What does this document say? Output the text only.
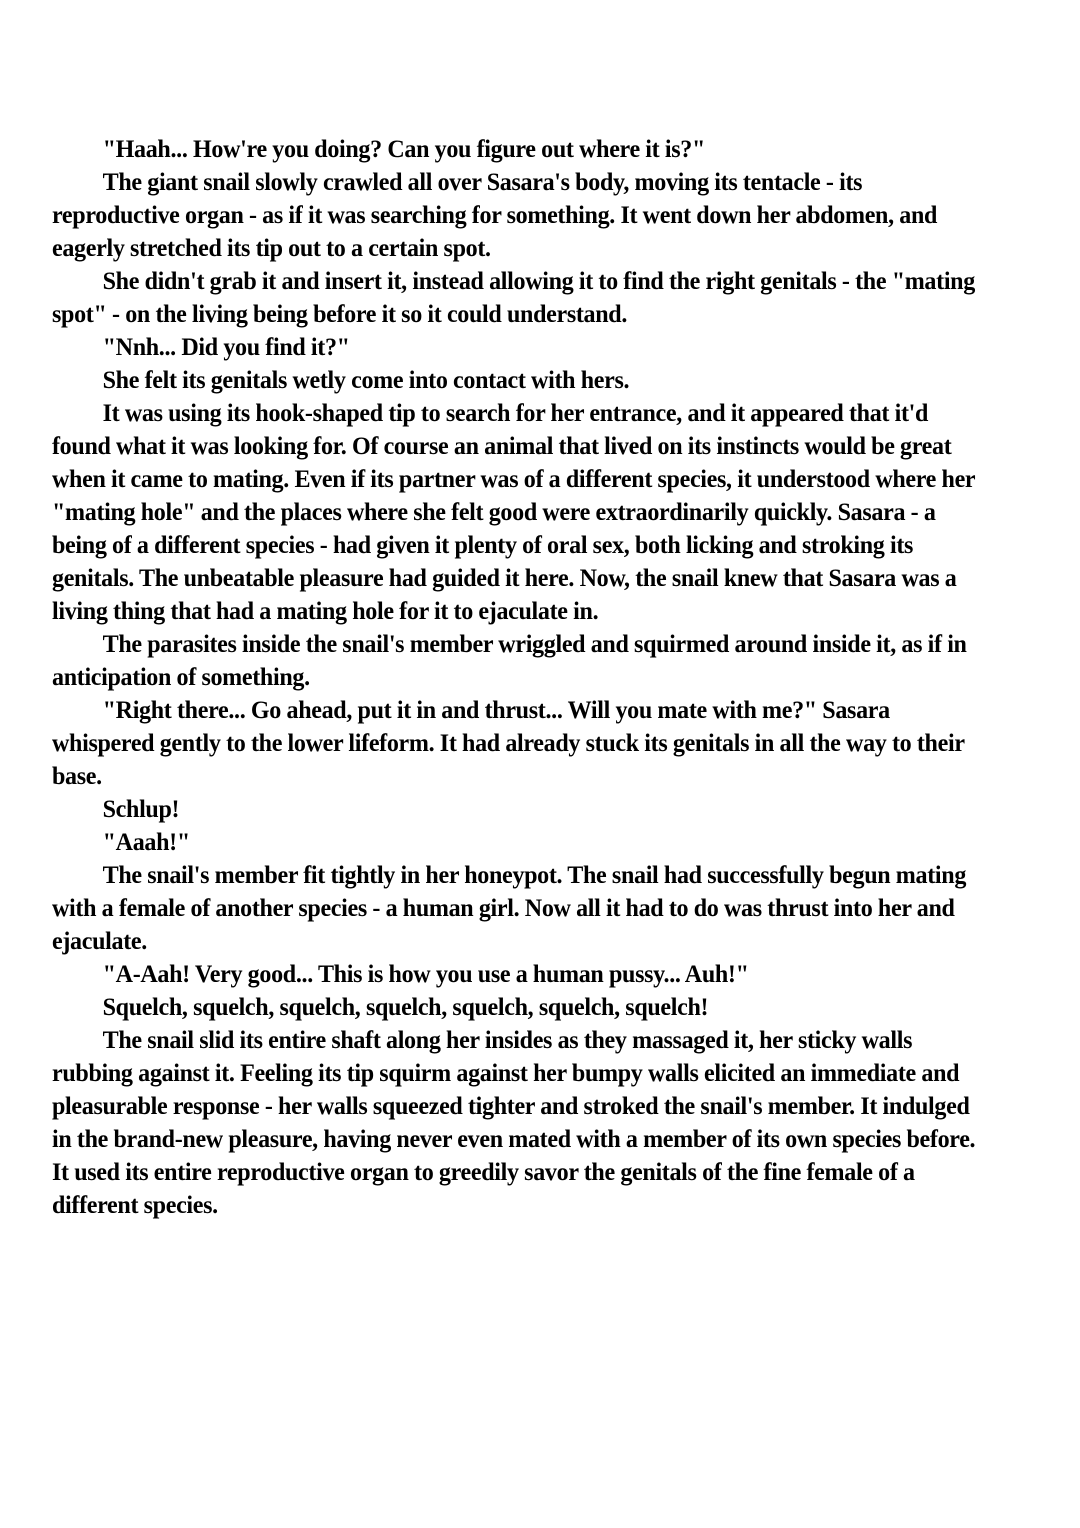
"Haah... How're you doing? Can you figure out where it is?"

The giant snail slowly crawled all over Sasara's body, moving its tentacle - its reproductive organ - as if it was searching for something. It went down her abdomen, and eagerly stretched its tip out to a certain spot.

She didn't grab it and insert it, instead allowing it to find the right genitals - the "mating spot" - on the living being before it so it could understand.

"Nnh... Did you find it?"

She felt its genitals wetly come into contact with hers.

It was using its hook-shaped tip to search for her entrance, and it appeared that it'd found what it was looking for. Of course an animal that lived on its instincts would be great when it came to mating. Even if its partner was of a different species, it understood where her "mating hole" and the places where she felt good were extraordinarily quickly. Sasara - a being of a different species - had given it plenty of oral sex, both licking and stroking its genitals. The unbeatable pleasure had guided it here. Now, the snail knew that Sasara was a living thing that had a mating hole for it to ejaculate in.

The parasites inside the snail's member wriggled and squirmed around inside it, as if in anticipation of something.

"Right there... Go ahead, put it in and thrust... Will you mate with me?" Sasara whispered gently to the lower lifeform. It had already stuck its genitals in all the way to their base.

Schlup!

"Aaah!"

The snail's member fit tightly in her honeypot. The snail had successfully begun mating with a female of another species - a human girl. Now all it had to do was thrust into her and ejaculate.

"A-Aah! Very good... This is how you use a human pussy... Auh!"

Squelch, squelch, squelch, squelch, squelch, squelch, squelch!

The snail slid its entire shaft along her insides as they massaged it, her sticky walls rubbing against it. Feeling its tip squirm against her bumpy walls elicited an immediate and pleasurable response - her walls squeezed tighter and stroked the snail's member. It indulged in the brand-new pleasure, having never even mated with a member of its own species before. It used its entire reproductive organ to greedily savor the genitals of the fine female of a different species.
